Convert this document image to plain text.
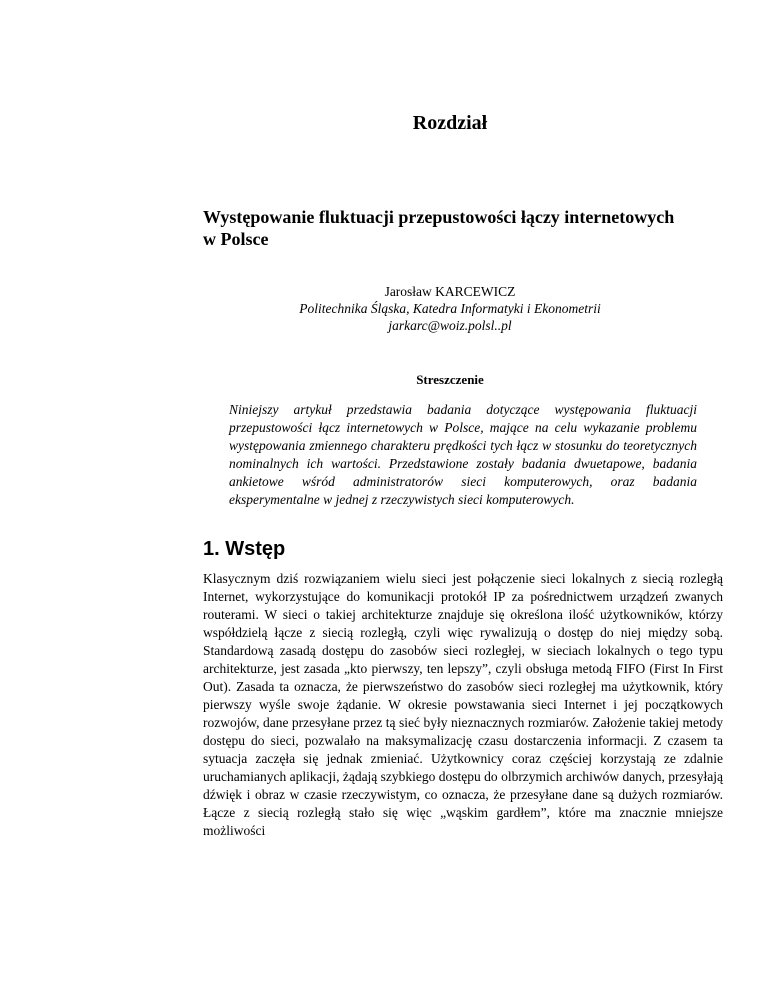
Rozdział
Występowanie fluktuacji przepustowości łączy internetowych
w Polsce
Jarosław KARCEWICZ
Politechnika Śląska, Katedra Informatyki i Ekonometrii
jarkarc@woiz.polsl..pl
Streszczenie
Niniejszy artykuł przedstawia badania dotyczące występowania fluktuacji przepustowości łącz internetowych w Polsce, mające na celu wykazanie problemu występowania zmiennego charakteru prędkości tych łącz w stosunku do teoretycznych nominalnych ich wartości. Przedstawione zostały badania dwuetapowe, badania ankietowe wśród administratorów sieci komputerowych, oraz badania eksperymentalne w jednej z rzeczywistych sieci komputerowych.
1. Wstęp
Klasycznym dziś rozwiązaniem wielu sieci jest połączenie sieci lokalnych z siecią rozległą Internet, wykorzystujące do komunikacji protokół IP za pośrednictwem urządzeń zwanych routerami. W sieci o takiej architekturze znajduje się określona ilość użytkowników, którzy współdzielą łącze z siecią rozległą, czyli więc rywalizują o dostęp do niej między sobą. Standardową zasadą dostępu do zasobów sieci rozległej, w sieciach lokalnych o tego typu architekturze, jest zasada „kto pierwszy, ten lepszy”, czyli obsługa metodą FIFO (First In First Out). Zasada ta oznacza, że pierwszeństwo do zasobów sieci rozległej ma użytkownik, który pierwszy wyśle swoje żądanie. W okresie powstawania sieci Internet i jej początkowych rozwojów, dane przesyłane przez tą sieć były nieznacznych rozmiarów. Założenie takiej metody dostępu do sieci, pozwalało na maksymalizację czasu dostarczenia informacji. Z czasem ta sytuacja zaczęła się jednak zmieniać. Użytkownicy coraz częściej korzystają ze zdalnie uruchamianych aplikacji, żądają szybkiego dostępu do olbrzymich archiwów danych, przesyłają dźwięk i obraz w czasie rzeczywistym, co oznacza, że przesyłane dane są dużych rozmiarów. Łącze z siecią rozległą stało się więc „wąskim gardłem”, które ma znacznie mniejsze możliwości
